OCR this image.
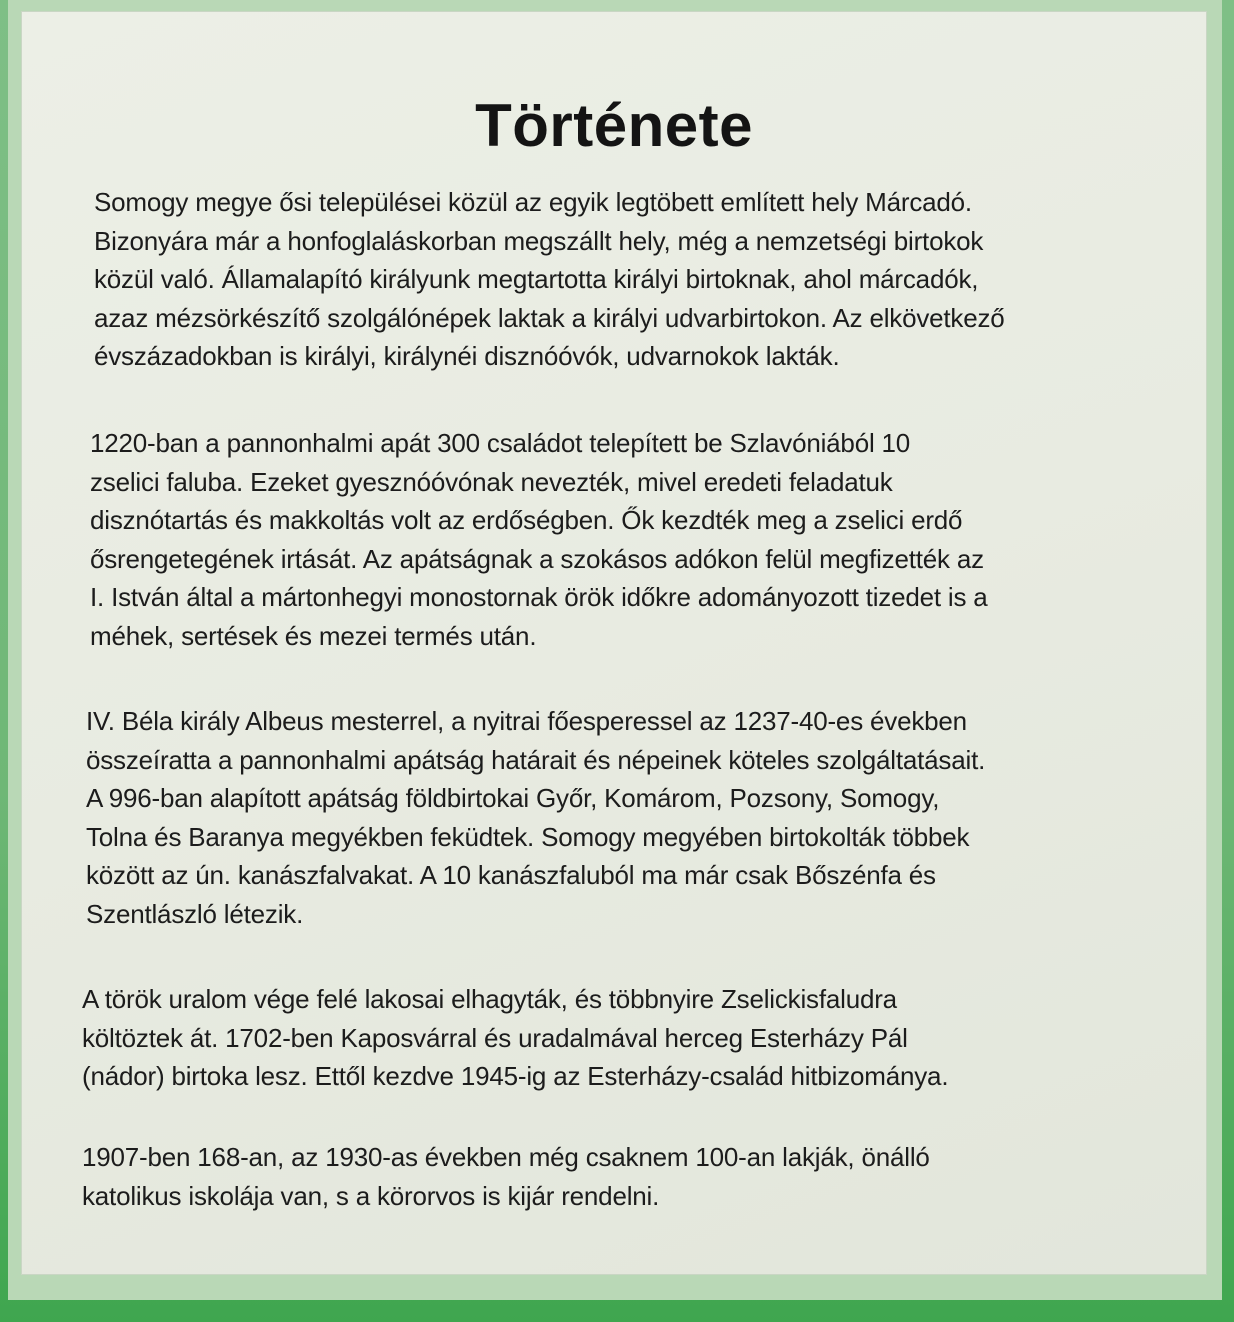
Története
Somogy megye ősi települései közül az egyik legtöbett említett hely Márcadó.
Bizonyára már a honfoglaláskorban megszállt hely, még a nemzetségi birtokok
közül való. Államalapító királyunk megtartotta királyi birtoknak, ahol márcadók,
azaz mézsörkészítő szolgálónépek laktak a királyi udvarbirtokon. Az elkövetkező
évszázadokban is királyi, királynéi disznóóvók, udvarnokok lakták.
1220-ban a pannonhalmi apát 300 családot telepített be Szlavóniából 10
zselici faluba. Ezeket gyesznóóvónak nevezték, mivel eredeti feladatuk
disznótartás és makkoltás volt az erdőségben. Ők kezdték meg a zselici erdő
ősrengetegének irtását. Az apátságnak a szokásos adókon felül megfizették az
I. István által a mártonhegyi monostornak örök időkre adományozott tizedet is a
méhek, sertések és mezei termés után.
IV. Béla király Albeus mesterrel, a nyitrai főesperessel az 1237-40-es években
összeíratta a pannonhalmi apátság határait és népeinek köteles szolgáltatásait.
A 996-ban alapított apátság földbirtokai Győr, Komárom, Pozsony, Somogy,
Tolna és Baranya megyékben feküdtek. Somogy megyében birtokolták többek
között az ún. kanászfalvakat. A 10 kanászfaluból ma már csak Bőszénfa és
Szentlászló létezik.
A török uralom vége felé lakosai elhagyták, és többnyire Zselickisfaludra
költöztek át. 1702-ben Kaposvárral és uradalmával herceg Esterházy Pál
(nádor) birtoka lesz. Ettől kezdve 1945-ig az Esterházy-család hitbizománya.
1907-ben 168-an, az 1930-as években még csaknem 100-an lakják, önálló
katolikus iskolája van, s a körorvos is kijár rendelni.
